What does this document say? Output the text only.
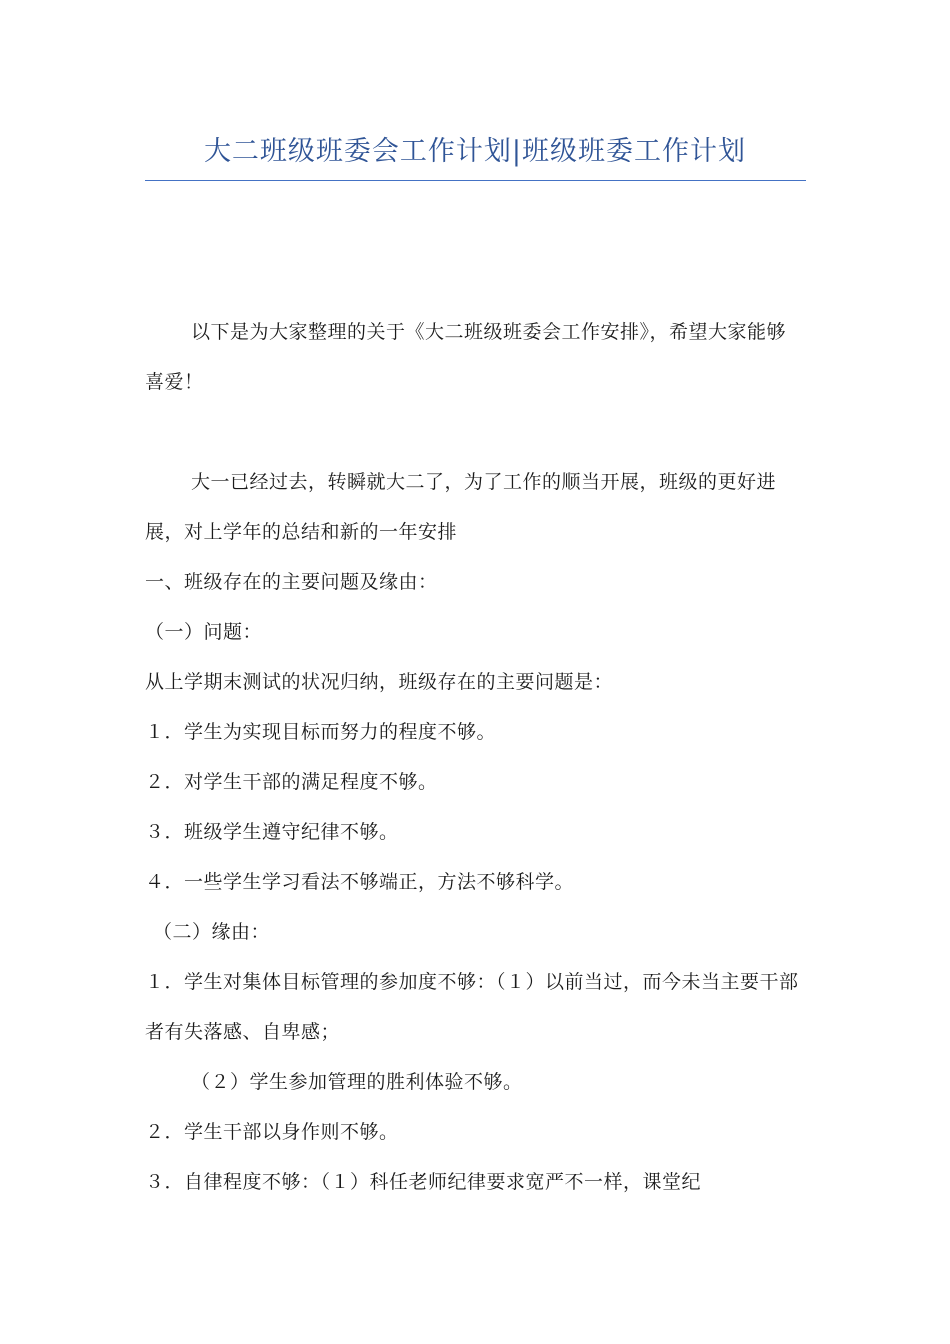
大二班级班委会工作计划|班级班委工作计划

以下是为大家整理的关于《大二班级班委会工作安排》，希望大家能够喜爱！

大一已经过去，转瞬就大二了，为了工作的顺当开展，班级的更好进展，对上学年的总结和新的一年安排

一、班级存在的主要问题及缘由：

（一）问题：

从上学期末测试的状况归纳，班级存在的主要问题是：

１．学生为实现目标而努力的程度不够。

２．对学生干部的满足程度不够。

３．班级学生遵守纪律不够。

４．一些学生学习看法不够端正，方法不够科学。

（二）缘由：

１．学生对集体目标管理的参加度不够：（１）以前当过，而今未当主要干部者有失落感、自卑感；

（２）学生参加管理的胜利体验不够。

２．学生干部以身作则不够。

３．自律程度不够：（１）科任老师纪律要求宽严不一样，课堂纪
